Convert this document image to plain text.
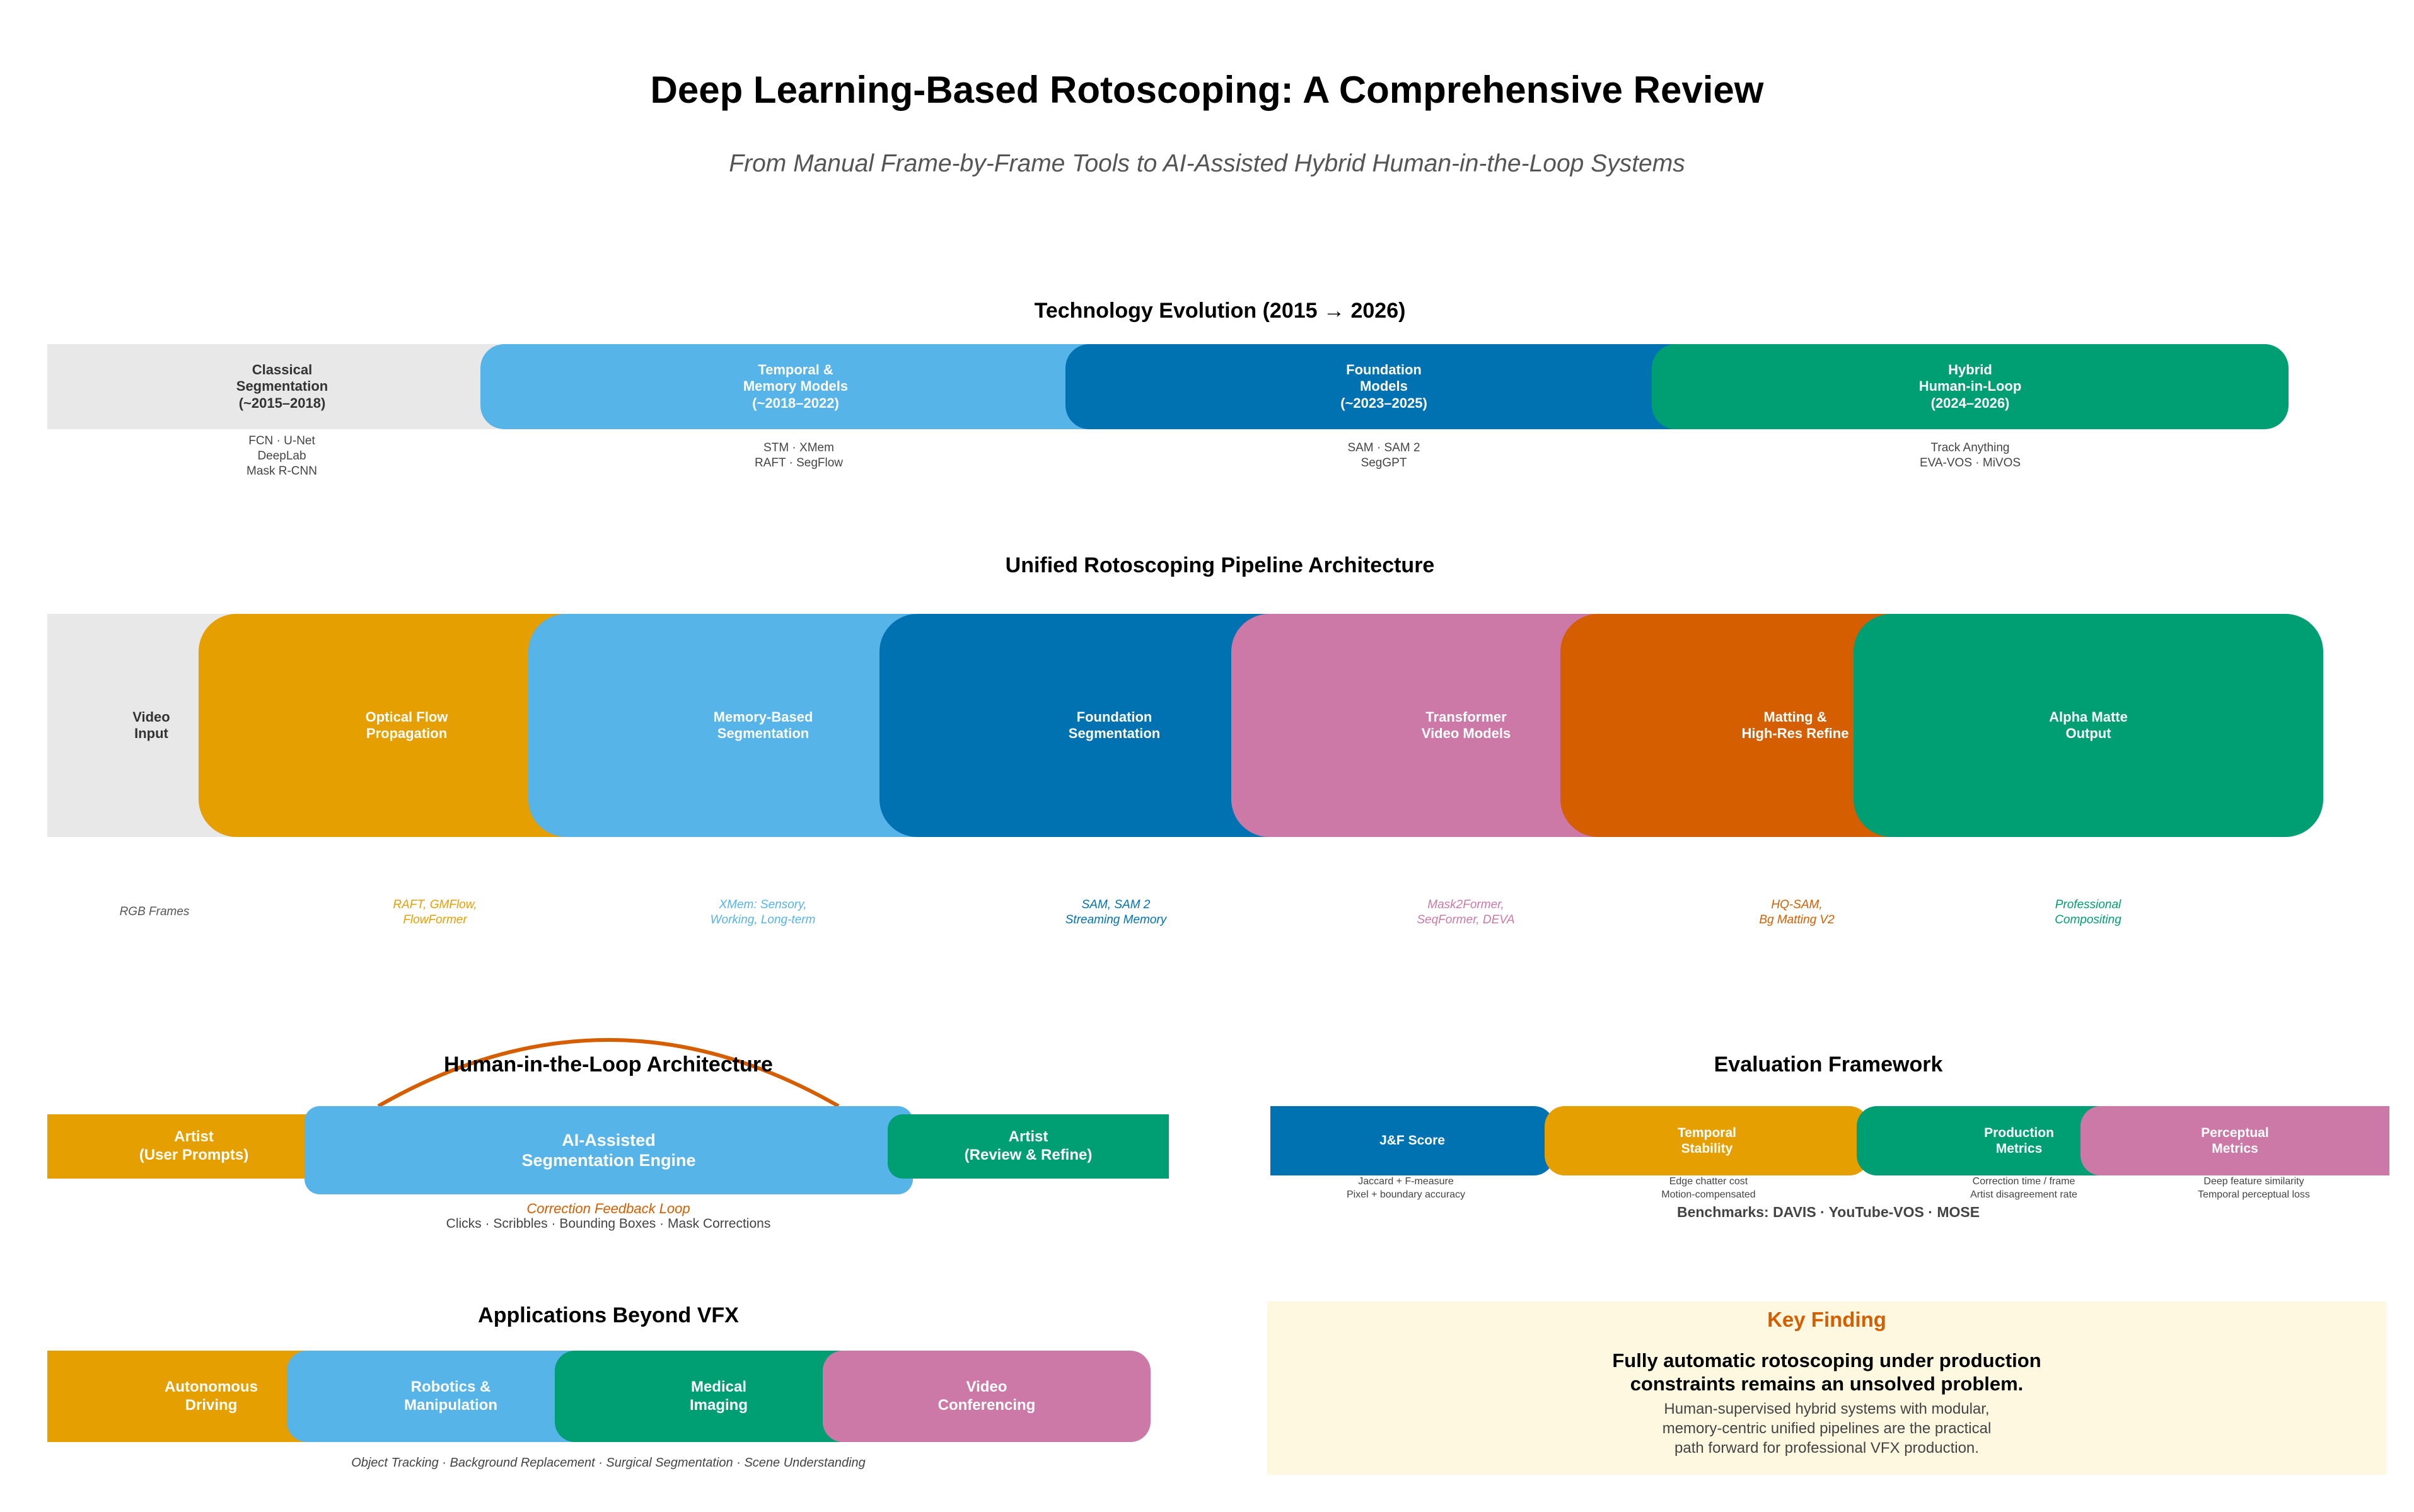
Deep Learning-Based Rotoscoping: A Comprehensive Review
From Manual Frame-by-Frame Tools to AI-Assisted Hybrid Human-in-the-Loop Systems
Technology Evolution (2015 → 2026)
Classical
Segmentation
(~2015–2018)
Temporal &
Memory Models
(~2018–2022)
Foundation
Models
(~2023–2025)
Hybrid
Human-in-Loop
(2024–2026)
FCN · U-Net
DeepLab
Mask R-CNN
STM · XMem
RAFT · SegFlow
SAM · SAM 2
SegGPT
Track Anything
EVA-VOS · MiVOS
Unified Rotoscoping Pipeline Architecture
Video
Input
Optical Flow
Propagation
Memory-Based
Segmentation
Foundation
Segmentation
Transformer
Video Models
Matting &
High-Res Refine
Alpha Matte
Output
RGB Frames
RAFT, GMFlow,
FlowFormer
XMem: Sensory,
Working, Long-term
SAM, SAM 2
Streaming Memory
Mask2Former,
SeqFormer, DEVA
HQ-SAM,
Bg Matting V2
Professional
Compositing
Human-in-the-Loop Architecture
Artist
(User Prompts)
AI-Assisted
Segmentation Engine
Artist
(Review & Refine)
Correction Feedback Loop
Clicks · Scribbles · Bounding Boxes · Mask Corrections
Evaluation Framework
J&F Score
Temporal
Stability
Production
Metrics
Perceptual
Metrics
Jaccard + F-measure
Pixel + boundary accuracy
Edge chatter cost
Motion-compensated
Correction time / frame
Artist disagreement rate
Deep feature similarity
Temporal perceptual loss
Benchmarks: DAVIS · YouTube-VOS · MOSE
Applications Beyond VFX
Autonomous
Driving
Robotics &
Manipulation
Medical
Imaging
Video
Conferencing
Object Tracking · Background Replacement · Surgical Segmentation · Scene Understanding
Key Finding
Fully automatic rotoscoping under production
constraints remains an unsolved problem.
Human-supervised hybrid systems with modular,
memory-centric unified pipelines are the practical
path forward for professional VFX production.
